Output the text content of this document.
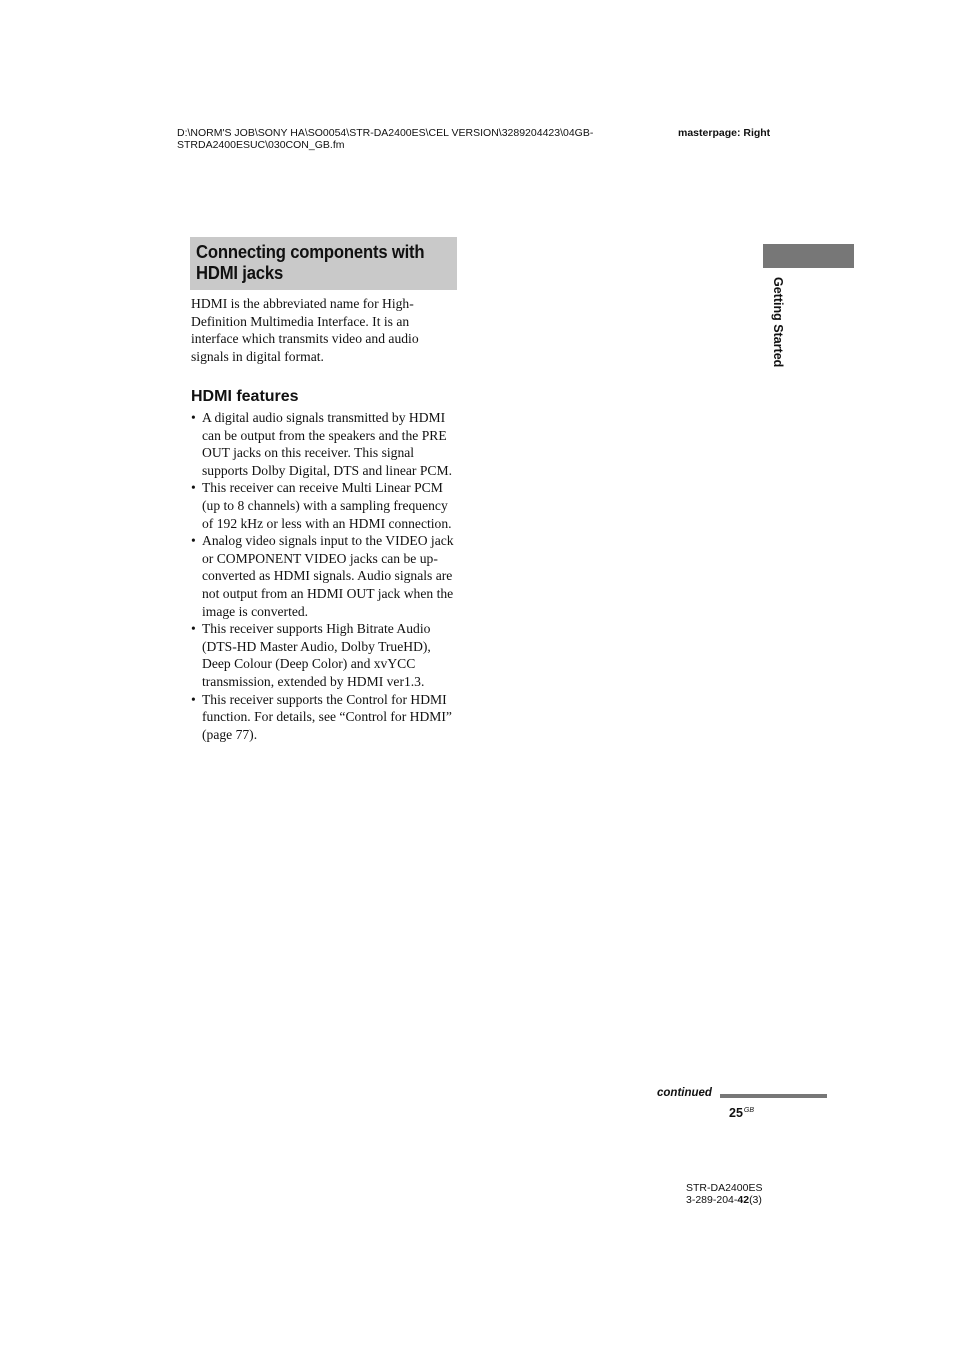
D:\NORM'S JOB\SONY HA\SO0054\STR-DA2400ES\CEL VERSION\3289204423\04GB-
STRDA2400ESUC\030CON_GB.fm
masterpage: Right
Connecting components with HDMI jacks

HDMI is the abbreviated name for High-Definition Multimedia Interface. It is an interface which transmits video and audio signals in digital format.

HDMI features
• A digital audio signals transmitted by HDMI can be output from the speakers and the PRE OUT jacks on this receiver. This signal supports Dolby Digital, DTS and linear PCM.
• This receiver can receive Multi Linear PCM (up to 8 channels) with a sampling frequency of 192 kHz or less with an HDMI connection.
• Analog video signals input to the VIDEO jack or COMPONENT VIDEO jacks can be up-converted as HDMI signals. Audio signals are not output from an HDMI OUT jack when the image is converted.
• This receiver supports High Bitrate Audio (DTS-HD Master Audio, Dolby TrueHD), Deep Colour (Deep Color) and xvYCC transmission, extended by HDMI ver1.3.
• This receiver supports the Control for HDMI function. For details, see “Control for HDMI” (page 77).
Getting Started
continued
$25^{GB}$
STR-DA2400ES
3-289-204-42(3)
